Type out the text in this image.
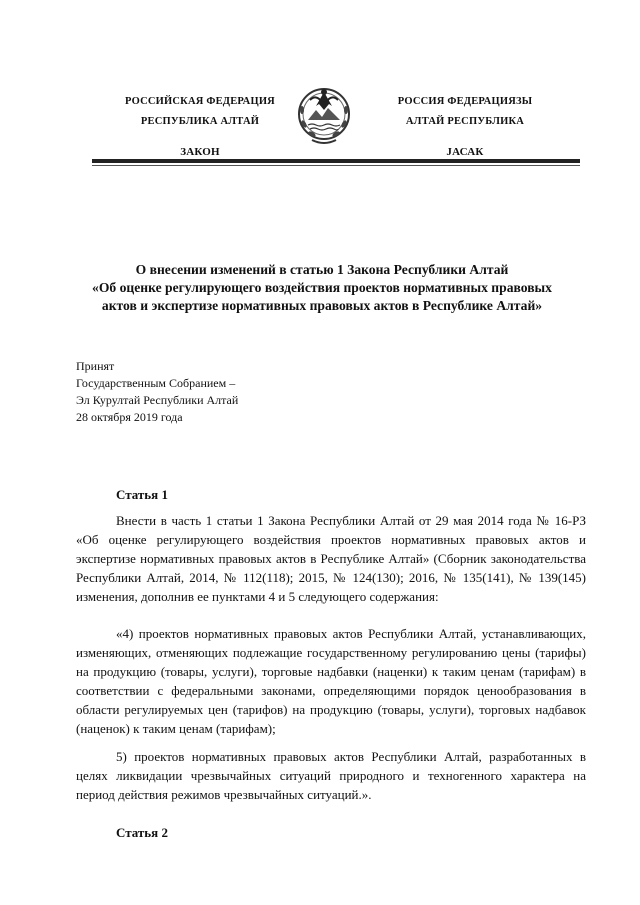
РОССИЙСКАЯ ФЕДЕРАЦИЯ
РЕСПУБЛИКА АЛТАЙ
ЗАКОН
РОССИЯ ФЕДЕРАЦИЯЗЫ
АЛТАЙ РЕСПУБЛИКА
JАСАК
О внесении изменений в статью 1 Закона Республики Алтай
«Об оценке регулирующего воздействия проектов нормативных правовых
актов и экспертизе нормативных правовых актов в Республике Алтай»
Принят
Государственным Собранием –
Эл Курултай Республики Алтай
28 октября 2019 года
Статья 1
Внести в часть 1 статьи 1 Закона Республики Алтай от 29 мая 2014 года № 16-РЗ «Об оценке регулирующего воздействия проектов нормативных правовых актов и экспертизе нормативных правовых актов в Республике Алтай» (Сборник законодательства Республики Алтай, 2014, № 112(118); 2015, № 124(130); 2016, № 135(141), № 139(145) изменения, дополнив ее пунктами 4 и 5 следующего содержания:
«4) проектов нормативных правовых актов Республики Алтай, устанавливающих, изменяющих, отменяющих подлежащие государственному регулированию цены (тарифы) на продукцию (товары, услуги), торговые надбавки (наценки) к таким ценам (тарифам) в соответствии с федеральными законами, определяющими порядок ценообразования в области регулируемых цен (тарифов) на продукцию (товары, услуги), торговых надбавок (наценок) к таким ценам (тарифам);
5) проектов нормативных правовых актов Республики Алтай, разработанных в целях ликвидации чрезвычайных ситуаций природного и техногенного характера на период действия режимов чрезвычайных ситуаций.».
Статья 2
